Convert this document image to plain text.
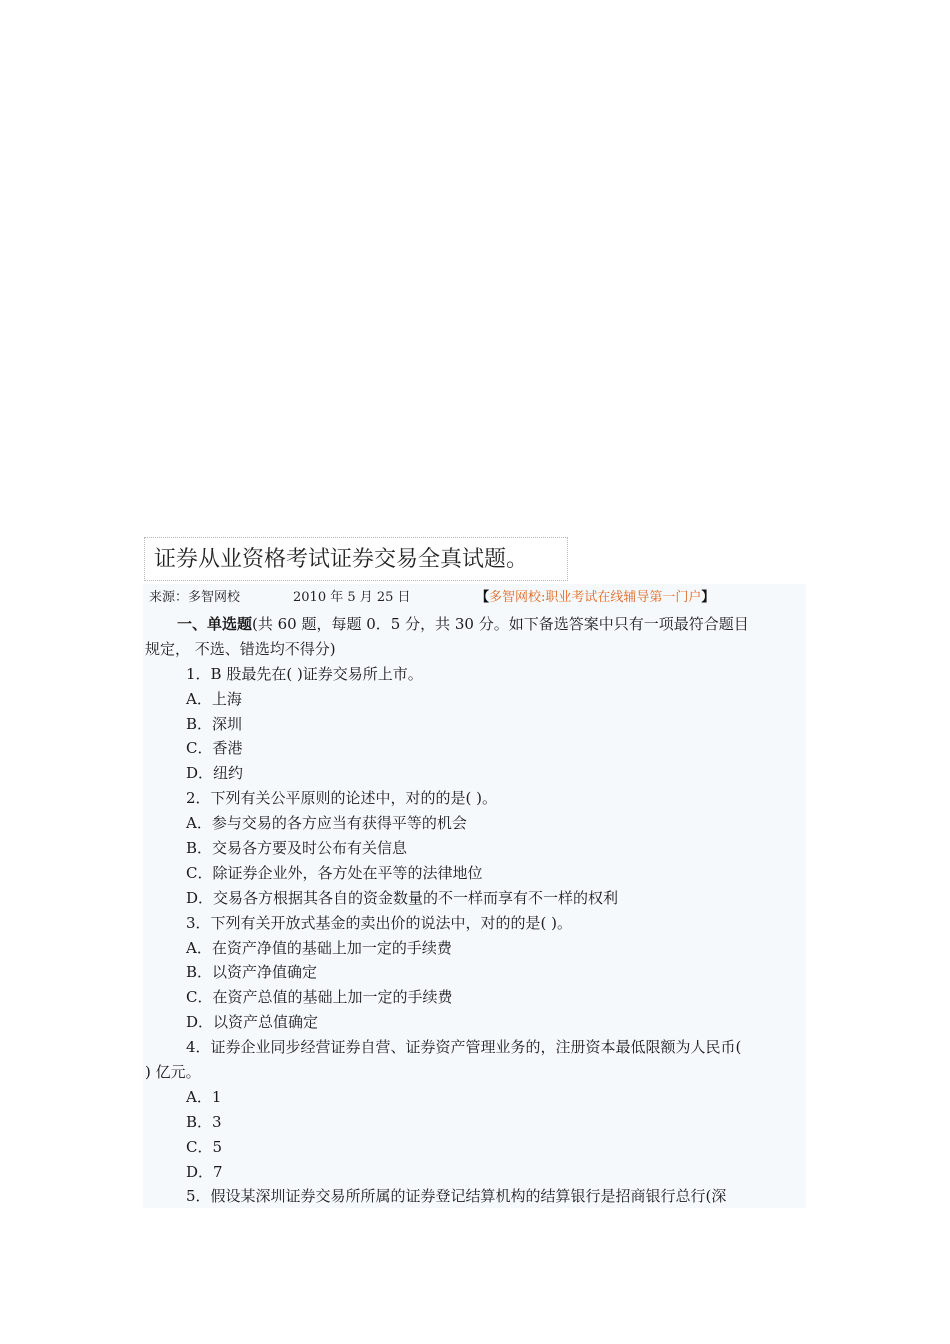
证券从业资格考试证券交易全真试题。
来源：多智网校	2010 年 5 月 25 日	【多智网校:职业考试在线辅导第一门户】
一、单选题(共 60 题，每题 0．5 分，共 30 分。如下备选答案中只有一项最符合题目
规定， 不选、错选均不得分)
1．B 股最先在( )证券交易所上市。
A．上海
B．深圳
C．香港
D．纽约
2．下列有关公平原则的论述中，对的的是( )。
A．参与交易的各方应当有获得平等的机会
B．交易各方要及时公布有关信息
C．除证券企业外，各方处在平等的法律地位
D．交易各方根据其各自的资金数量的不一样而享有不一样的权利
3．下列有关开放式基金的卖出价的说法中，对的的是( )。
A．在资产净值的基础上加一定的手续费
B．以资产净值确定
C．在资产总值的基础上加一定的手续费
D．以资产总值确定
4．证券企业同步经营证券自营、证券资产管理业务的，注册资本最低限额为人民币(
) 亿元。
A．1
B．3
C．5
D．7
5．假设某深圳证券交易所所属的证券登记结算机构的结算银行是招商银行总行(深
